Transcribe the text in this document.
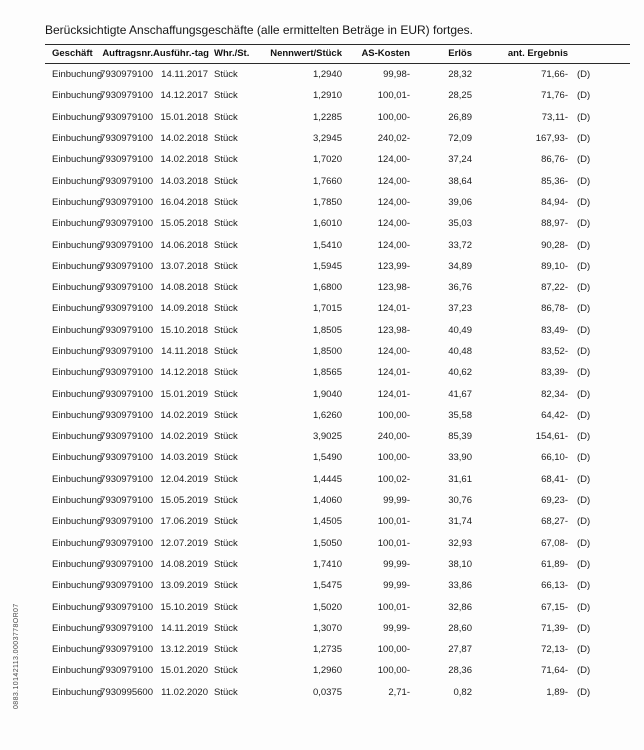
0883.10142113.0003778OR07

Berücksichtigte Anschaffungsgeschäfte (alle ermittelten Beträge in EUR) fortges.

Geschäft	Auftragsnr.	Ausführ.-tag	Whr./St.	Nennwert/Stück	AS-Kosten	Erlös	ant. Ergebnis	
Einbuchung	7930979100	14.11.2017	Stück	1,2940	99,98-	28,32	71,66-	(D)
Einbuchung	7930979100	14.12.2017	Stück	1,2910	100,01-	28,25	71,76-	(D)
Einbuchung	7930979100	15.01.2018	Stück	1,2285	100,00-	26,89	73,11-	(D)
Einbuchung	7930979100	14.02.2018	Stück	3,2945	240,02-	72,09	167,93-	(D)
Einbuchung	7930979100	14.02.2018	Stück	1,7020	124,00-	37,24	86,76-	(D)
Einbuchung	7930979100	14.03.2018	Stück	1,7660	124,00-	38,64	85,36-	(D)
Einbuchung	7930979100	16.04.2018	Stück	1,7850	124,00-	39,06	84,94-	(D)
Einbuchung	7930979100	15.05.2018	Stück	1,6010	124,00-	35,03	88,97-	(D)
Einbuchung	7930979100	14.06.2018	Stück	1,5410	124,00-	33,72	90,28-	(D)
Einbuchung	7930979100	13.07.2018	Stück	1,5945	123,99-	34,89	89,10-	(D)
Einbuchung	7930979100	14.08.2018	Stück	1,6800	123,98-	36,76	87,22-	(D)
Einbuchung	7930979100	14.09.2018	Stück	1,7015	124,01-	37,23	86,78-	(D)
Einbuchung	7930979100	15.10.2018	Stück	1,8505	123,98-	40,49	83,49-	(D)
Einbuchung	7930979100	14.11.2018	Stück	1,8500	124,00-	40,48	83,52-	(D)
Einbuchung	7930979100	14.12.2018	Stück	1,8565	124,01-	40,62	83,39-	(D)
Einbuchung	7930979100	15.01.2019	Stück	1,9040	124,01-	41,67	82,34-	(D)
Einbuchung	7930979100	14.02.2019	Stück	1,6260	100,00-	35,58	64,42-	(D)
Einbuchung	7930979100	14.02.2019	Stück	3,9025	240,00-	85,39	154,61-	(D)
Einbuchung	7930979100	14.03.2019	Stück	1,5490	100,00-	33,90	66,10-	(D)
Einbuchung	7930979100	12.04.2019	Stück	1,4445	100,02-	31,61	68,41-	(D)
Einbuchung	7930979100	15.05.2019	Stück	1,4060	99,99-	30,76	69,23-	(D)
Einbuchung	7930979100	17.06.2019	Stück	1,4505	100,01-	31,74	68,27-	(D)
Einbuchung	7930979100	12.07.2019	Stück	1,5050	100,01-	32,93	67,08-	(D)
Einbuchung	7930979100	14.08.2019	Stück	1,7410	99,99-	38,10	61,89-	(D)
Einbuchung	7930979100	13.09.2019	Stück	1,5475	99,99-	33,86	66,13-	(D)
Einbuchung	7930979100	15.10.2019	Stück	1,5020	100,01-	32,86	67,15-	(D)
Einbuchung	7930979100	14.11.2019	Stück	1,3070	99,99-	28,60	71,39-	(D)
Einbuchung	7930979100	13.12.2019	Stück	1,2735	100,00-	27,87	72,13-	(D)
Einbuchung	7930979100	15.01.2020	Stück	1,2960	100,00-	28,36	71,64-	(D)
Einbuchung	7930995600	11.02.2020	Stück	0,0375	2,71-	0,82	1,89-	(D)
